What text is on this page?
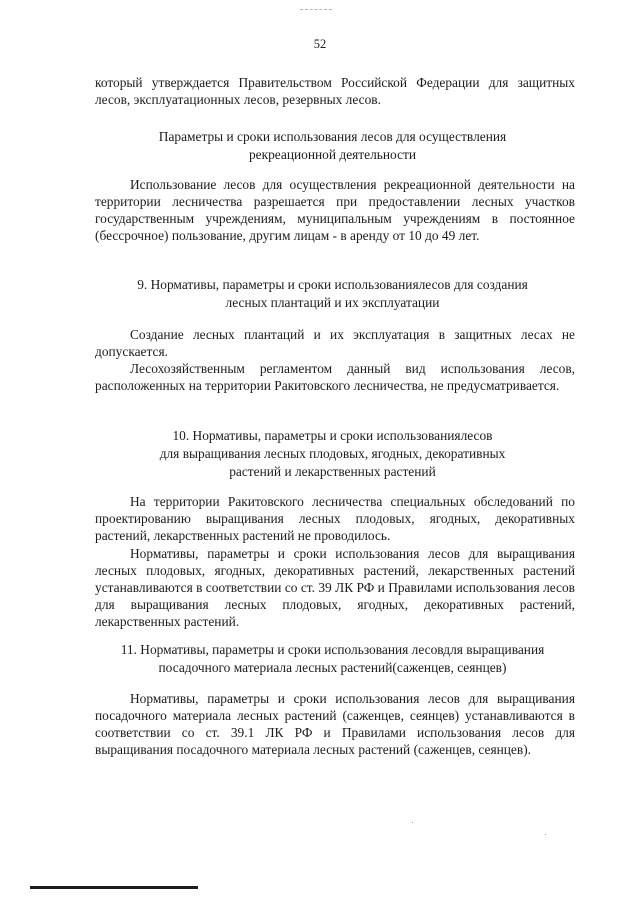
52

который утверждается Правительством Российской Федерации для защитных лесов, эксплуатационных лесов, резервных лесов.

Параметры и сроки использования лесов для осуществления
рекреационной деятельности

Использование лесов для осуществления рекреационной деятельности на территории лесничества разрешается при предоставлении лесных участков государственным учреждениям, муниципальным учреждениям в постоянное (бессрочное) пользование, другим лицам - в аренду от 10 до 49 лет.

9. Нормативы, параметры и сроки использованиялесов для создания
лесных плантаций и их эксплуатации

Создание лесных плантаций и их эксплуатация в защитных лесах не допускается.

Лесохозяйственным регламентом данный вид использования лесов, расположенных на территории Ракитовского лесничества, не предусматривается.

10. Нормативы, параметры и сроки использованиялесов
для выращивания лесных плодовых, ягодных, декоративных
растений и лекарственных растений

На территории Ракитовского лесничества специальных обследований по проектированию выращивания лесных плодовых, ягодных, декоративных растений, лекарственных растений не проводилось.

Нормативы, параметры и сроки использования лесов для выращивания лесных плодовых, ягодных, декоративных растений, лекарственных растений устанавливаются в соответствии со ст. 39 ЛК РФ и Правилами использования лесов для выращивания лесных плодовых, ягодных, декоративных растений, лекарственных растений.

11. Нормативы, параметры и сроки использования лесовдля выращивания
посадочного материала лесных растений(саженцев, сеянцев)

Нормативы, параметры и сроки использования лесов для выращивания посадочного материала лесных растений (саженцев, сеянцев) устанавливаются в соответствии со ст. 39.1 ЛК РФ и Правилами использования лесов для выращивания посадочного материала лесных растений (саженцев, сеянцев).
